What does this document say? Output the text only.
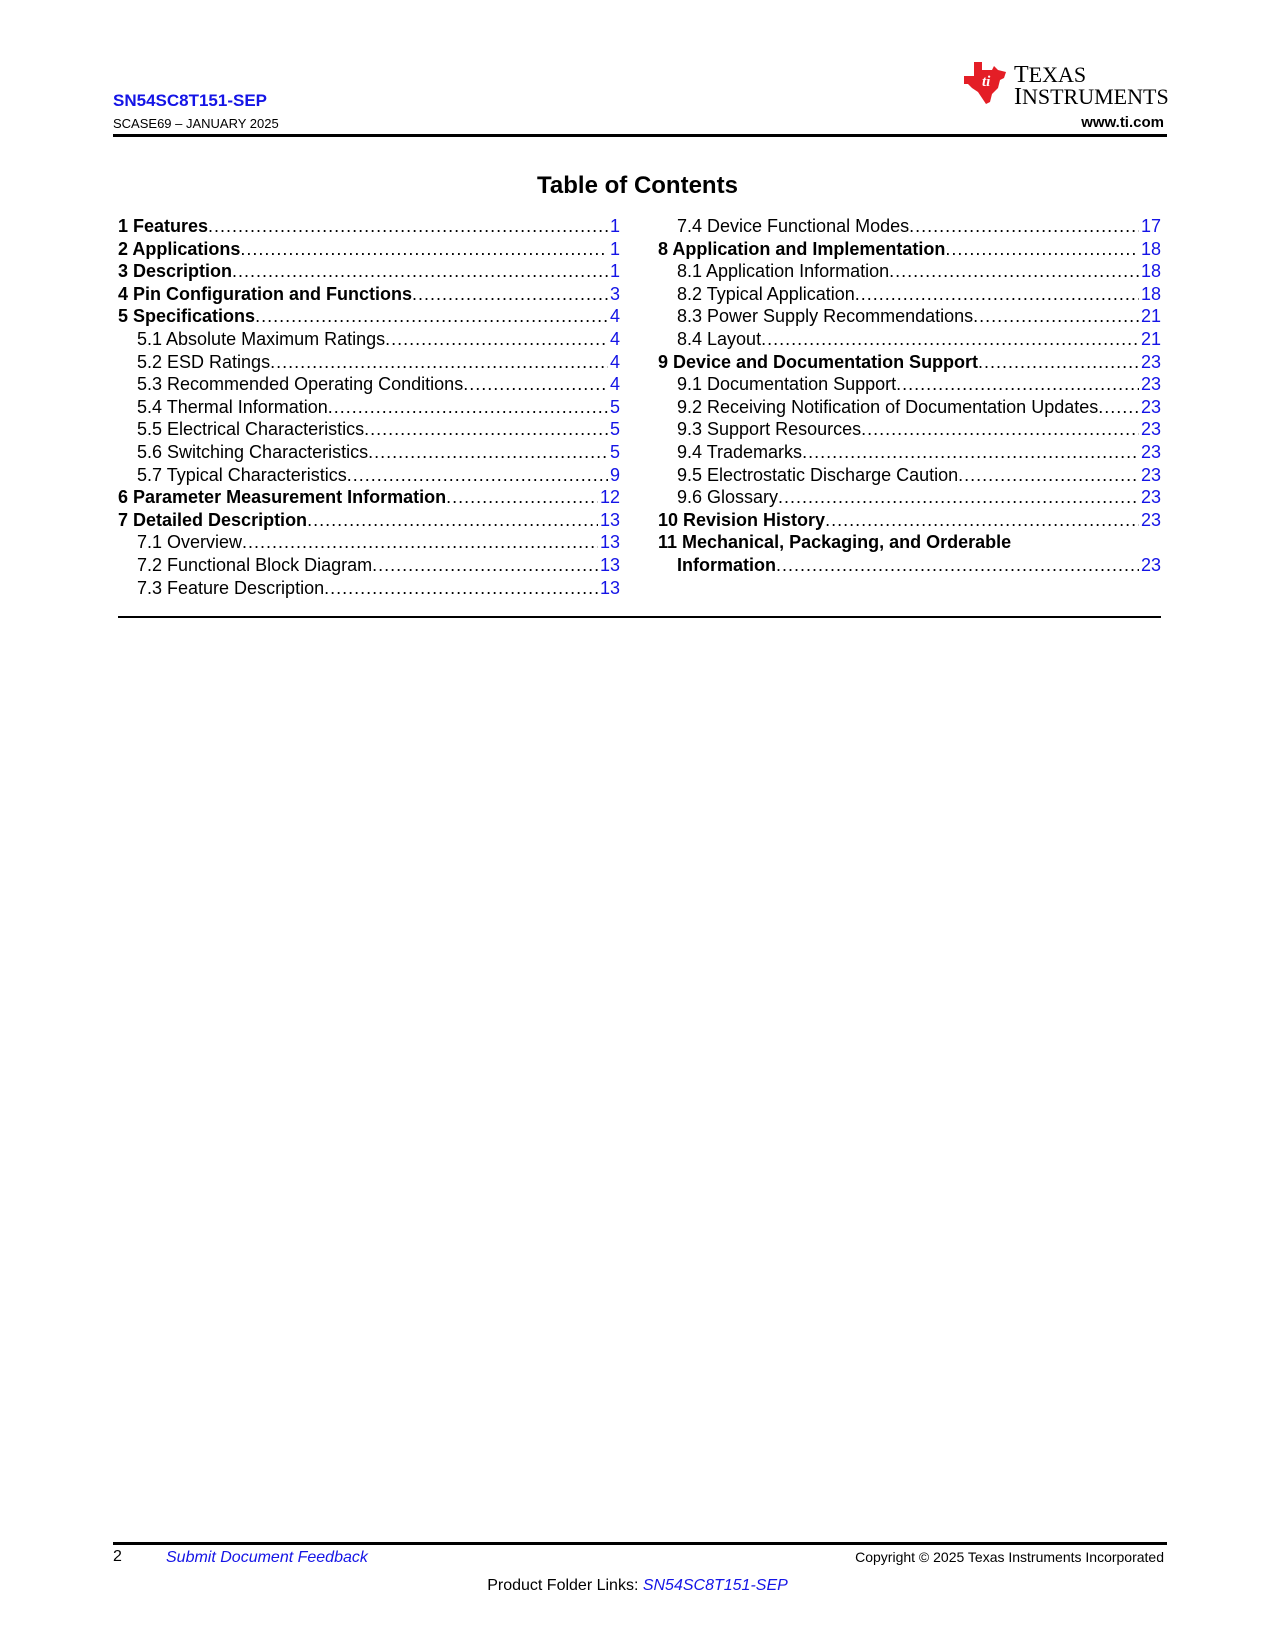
SN54SC8T151-SEP
SCASE69 – JANUARY 2025
ti TEXAS
INSTRUMENTS
www.ti.com
Table of Contents
1 Features .....	1
2 Applications .....	1
3 Description .....	1
4 Pin Configuration and Functions .....	3
5 Specifications .....	4
5.1 Absolute Maximum Ratings .....	4
5.2 ESD Ratings .....	4
5.3 Recommended Operating Conditions .....	4
5.4 Thermal Information .....	5
5.5 Electrical Characteristics .....	5
5.6 Switching Characteristics .....	5
5.7 Typical Characteristics .....	9
6 Parameter Measurement Information .....	12
7 Detailed Description .....	13
7.1 Overview .....	13
7.2 Functional Block Diagram .....	13
7.3 Feature Description .....	13
7.4 Device Functional Modes .....	17
8 Application and Implementation .....	18
8.1 Application Information .....	18
8.2 Typical Application .....	18
8.3 Power Supply Recommendations .....	21
8.4 Layout .....	21
9 Device and Documentation Support .....	23
9.1 Documentation Support .....	23
9.2 Receiving Notification of Documentation Updates ..... 23
9.3 Support Resources .....	23
9.4 Trademarks .....	23
9.5 Electrostatic Discharge Caution .....	23
9.6 Glossary .....	23
10 Revision History .....	23
11 Mechanical, Packaging, and Orderable
Information .....	23
2	Submit Document Feedback	Copyright © 2025 Texas Instruments Incorporated
Product Folder Links: SN54SC8T151-SEP
